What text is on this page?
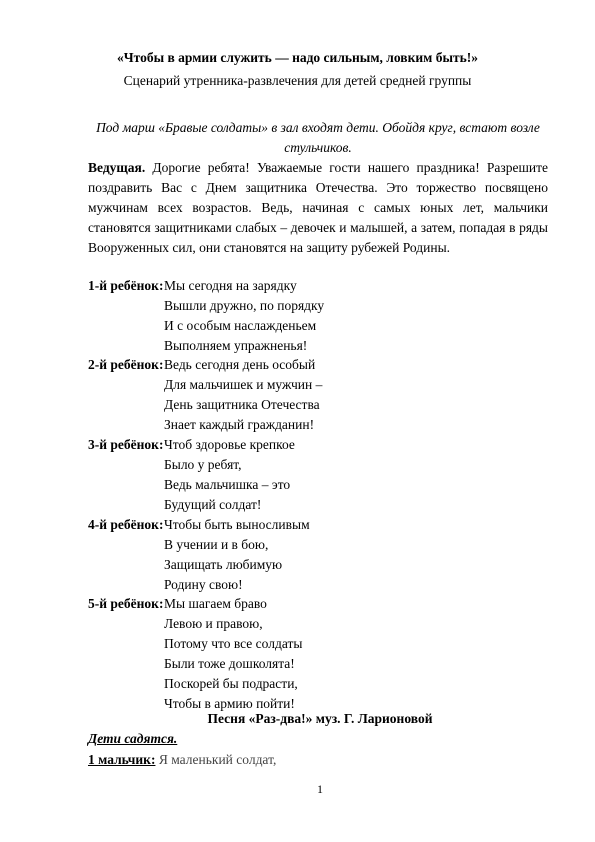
«Чтобы в армии служить — надо сильным, ловким быть!»
Сценарий утренника-развлечения для детей средней группы
Под марш «Бравые солдаты» в зал входят дети. Обойдя круг, встают возле стульчиков.
Ведущая. Дорогие ребята! Уважаемые гости нашего праздника! Разрешите поздравить Вас с Днем защитника Отечества. Это торжество посвящено мужчинам всех возрастов. Ведь, начиная с самых юных лет, мальчики становятся защитниками слабых – девочек и малышей, а затем, попадая в ряды Вооруженных сил, они становятся на защиту рубежей Родины.
1-й ребёнок:Мы сегодня на зарядку
Вышли дружно, по порядку
И с особым наслажденьем
Выполняем упражненья!
2-й ребёнок:Ведь сегодня день особый
Для мальчишек и мужчин –
День защитника Отечества
Знает каждый гражданин!
3-й ребёнок:Чтоб здоровье крепкое
Было у ребят,
Ведь мальчишка – это
Будущий солдат!
4-й ребёнок:Чтобы быть выносливым
В учении и в бою,
Защищать любимую
Родину свою!
5-й ребёнок:Мы шагаем браво
Левою и правою,
Потому что все солдаты
Были тоже дошколята!
Поскорей бы подрасти,
Чтобы в армию пойти!
Песня «Раз-два!» муз. Г. Ларионовой
Дети садятся.
1 мальчик: Я маленький солдат,
1
